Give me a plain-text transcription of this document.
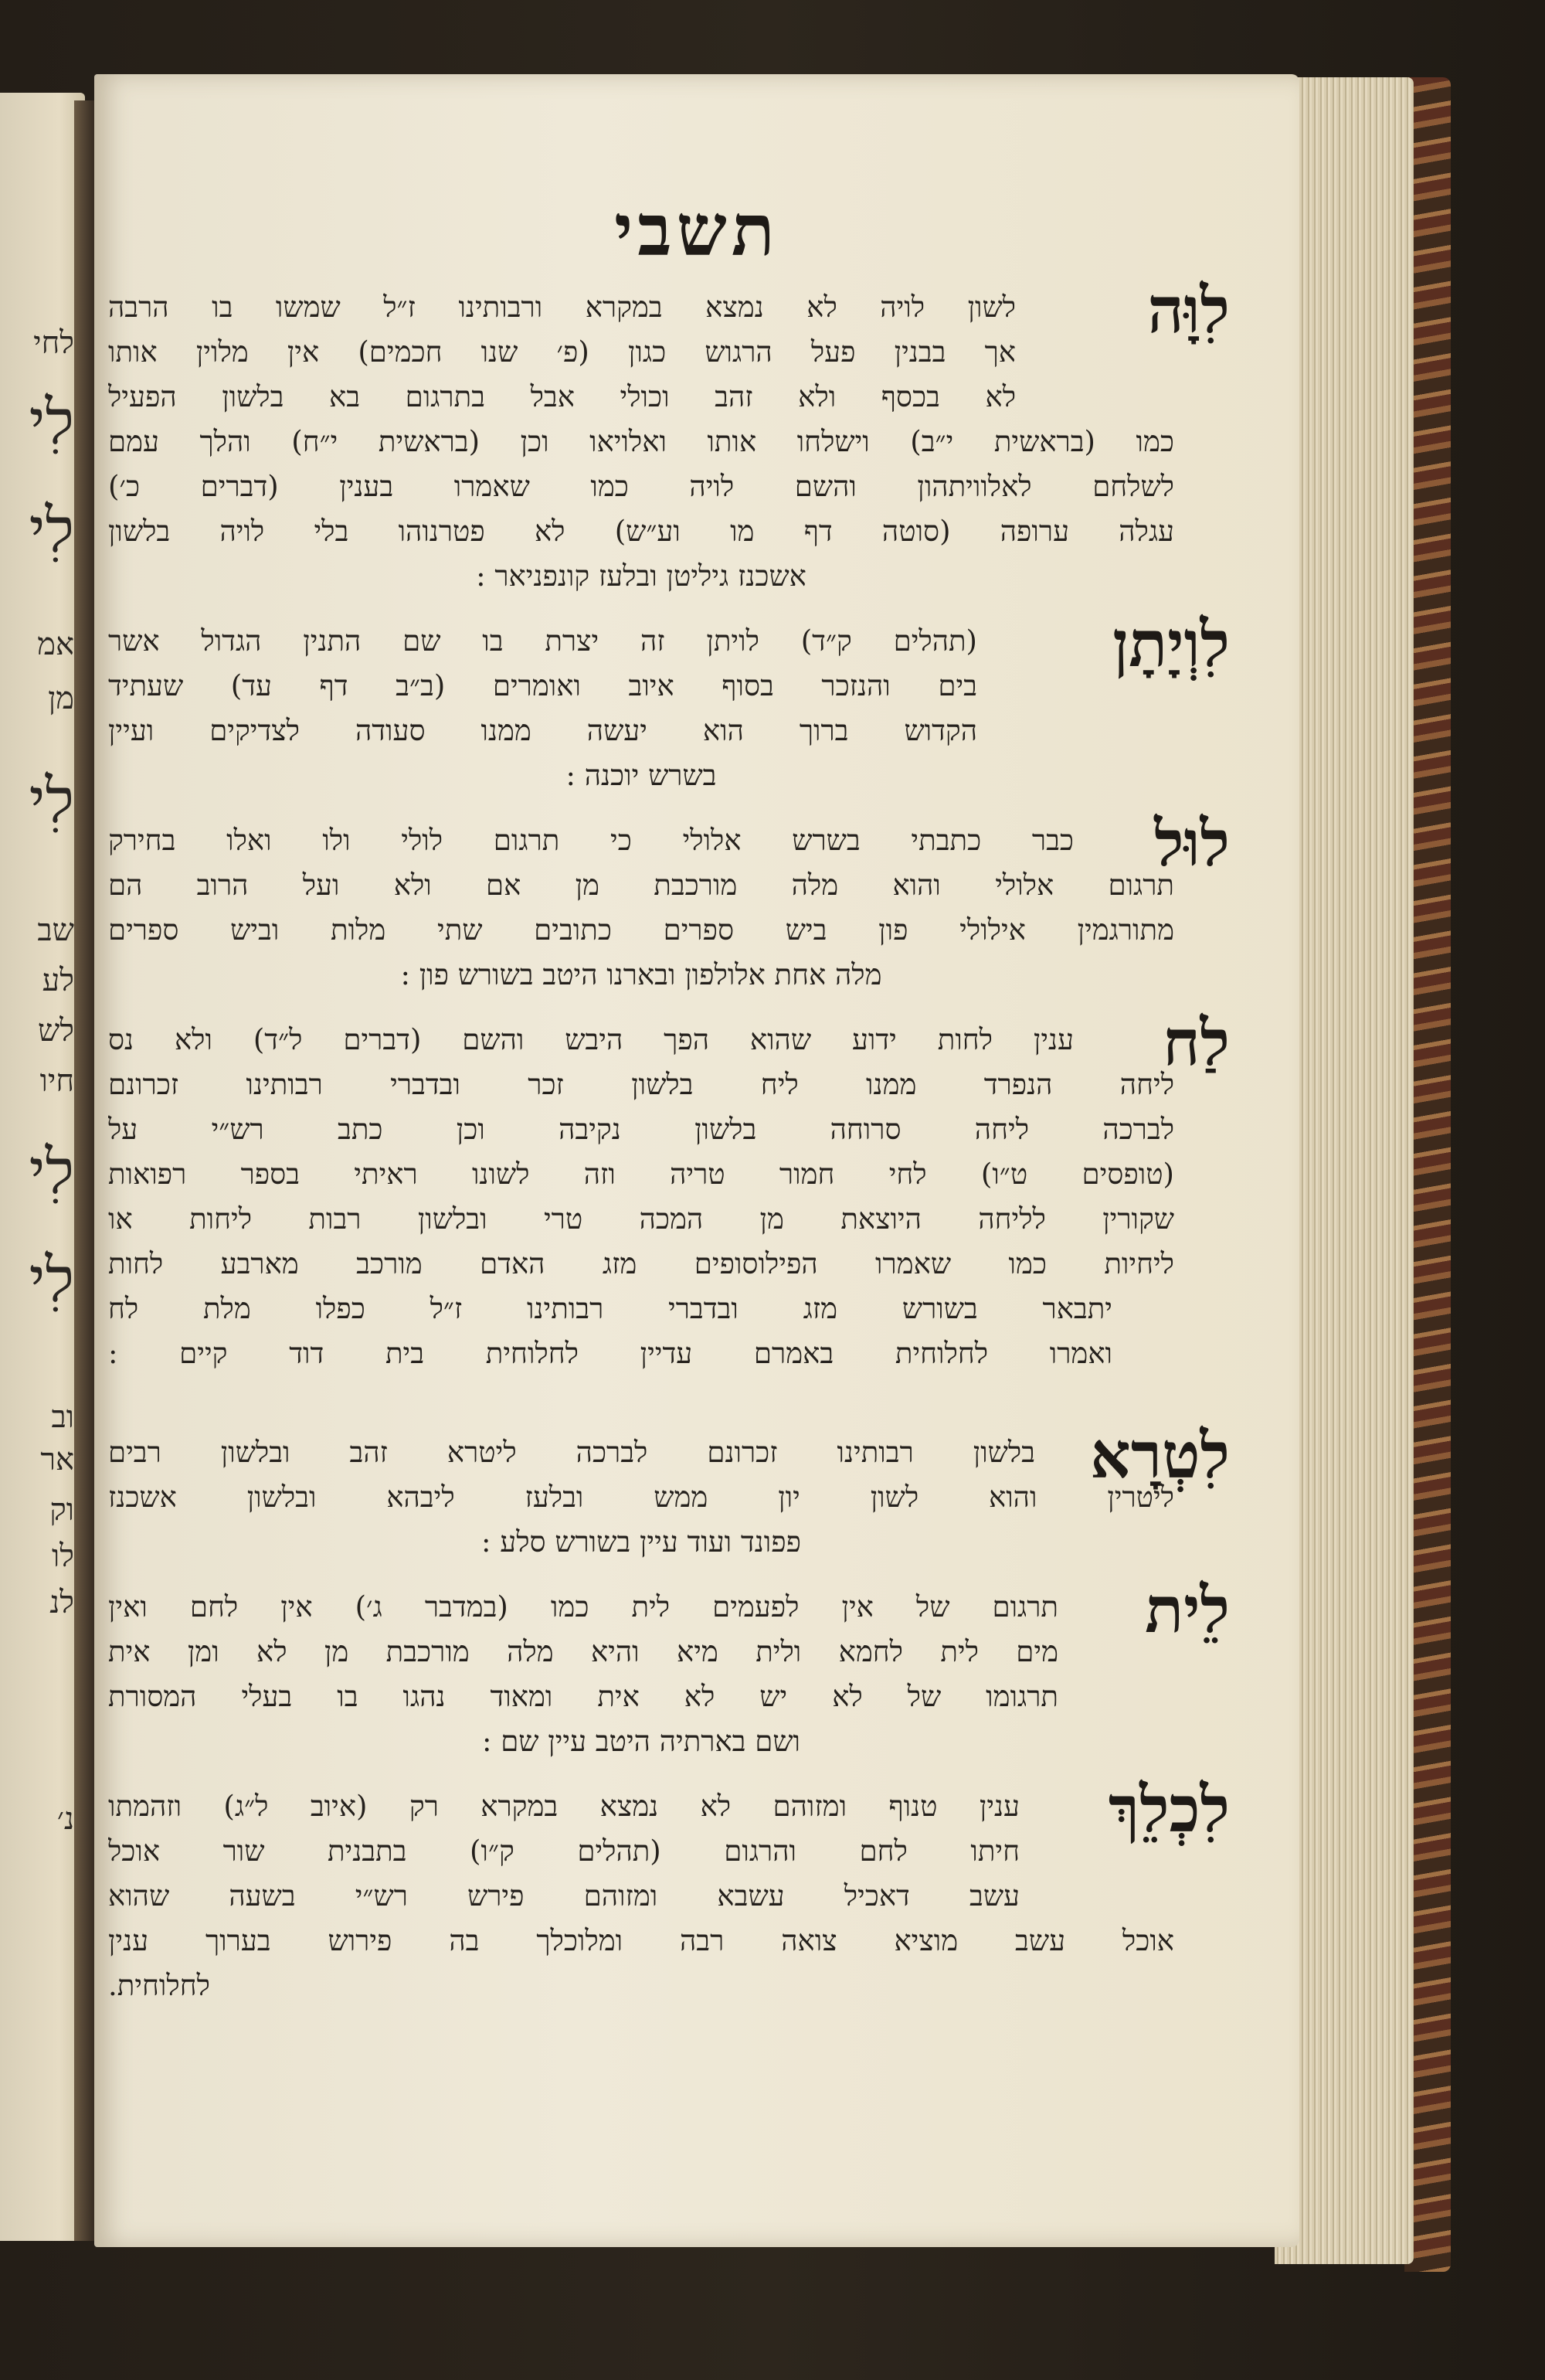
לחי
לִי
לִי
אמ
מן
לִי
שב
לע
לש
חיו
לִי
לִי
וב
אר
וק
לו
לנ
נ׳
תשבי
לִוָּה
לשון לויה לא נמצא במקרא ורבותינו ז״ל שמשו בו הרבה
אך בבנין פעל הרגוש כגון (פ׳ שנו חכמים) אין מלוין אותו
לא בכסף ולא זהב וכולי אבל בתרגום בא בלשון הפעיל
כמו (בראשית י״ב) וישלחו אותו ואלויאו וכן (בראשית י״ח) והלך עמם
לשלחם לאלוויתהון והשם לויה כמו שאמרו בענין (דברים כ׳)
עגלה ערופה (סוטה דף מו וע״ש) לא פטרנוהו בלי לויה בלשון
אשכנז גיליטן ובלעז קונפניאר :
לִוְיָתָן
(תהלים ק״ד) לויתן זה יצרת בו שם התנין הגדול אשר
בים והנזכר בסוף איוב ואומרים (ב״ב דף עד) שעתיד
הקדוש ברוך הוא יעשה ממנו סעודה לצדיקים ועיין
בשרש יוכנה :
לוּל
כבר כתבתי בשרש אלולי כי תרגום לולי ולו ואלו בחירק
תרגום אלולי והוא מלה מורכבת מן אם ולא ועל הרוב הם
מתורגמין אילולי פון ביש ספרים כתובים שתי מלות וביש ספרים
מלה אחת אלולפון ובארנו היטב בשורש פון :
לַח
ענין לחות ידוע שהוא הפך היבש והשם (דברים ל״ד) ולא נס
ליחה הנפרד ממנו ליח בלשון זכר ובדברי רבותינו זכרונם
לברכה ליחה סרוחה בלשון נקיבה וכן כתב רש״י על
(טופסים ט״ו) לחי חמור טריה וזה לשונו ראיתי בספר רפואות
שקורין לליחה היוצאת מן המכה טרי ובלשון רבות ליחות או
ליחיות כמו שאמרו הפילוסופים מזג האדם מורכב מארבע לחות
יתבאר בשורש מזג ובדברי רבותינו ז״ל כפלו מלת לח
ואמרו לחלוחית באמרם עדיין לחלוחית בית דוד קיים :
לִטְרָא
בלשון רבותינו זכרונם לברכה ליטרא זהב ובלשון רבים
ליטרין והוא לשון יון ממש ובלעז ליבהא ובלשון אשכנז
פפונד ועוד עיין בשורש סלע :
לֵית
תרגום של אין לפעמים לית כמו (במדבר ג׳) אין לחם ואין
מים לית לחמא ולית מיא והיא מלה מורכבת מן לא ומן אית
תרגומו של לא יש לא אית ומאוד נהגו בו בעלי המסורת
ושם בארתיה היטב עיין שם :
לִכְלֵךְ
ענין טנוף ומזוהם לא נמצא במקרא רק (איוב ל״ג) וזהמתו
חיתו לחם והרגום (תהלים ק״ו) בתבנית שור אוכל
עשב דאכיל עשבא ומזוהם פירש רש״י בשעה שהוא
אוכל עשב מוציא צואה רבה ומלוכלך בה פירוש בערוך ענין
לחלוחית.
